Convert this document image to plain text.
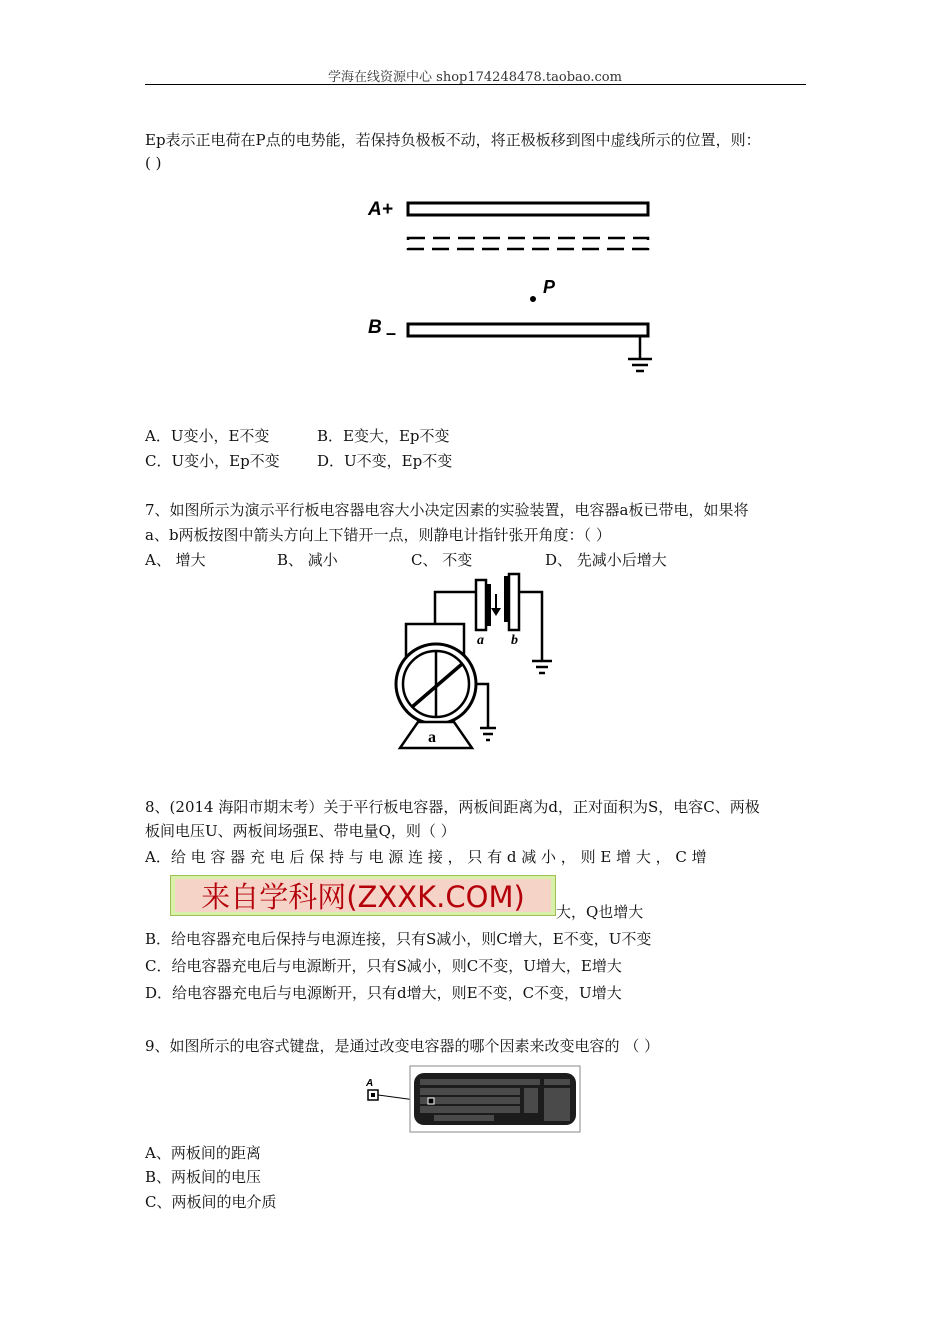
学海在线资源中心 shop174248478.taobao.com
Ep表示正电荷在P点的电势能，若保持负极板不动，将正极板移到图中虚线所示的位置，则：
( )
A+
P
B –
A．U变小，E不变	B．E变大，Ep不变
C．U变小，Ep不变 D．U不变，Ep不变
7、如图所示为演示平行板电容器电容大小决定因素的实验装置，电容器a板已带电，如果将
a、b两板按图中箭头方向上下错开一点，则静电计指针张开角度：（ ）
A、 增大	B、 减小	C、 不变	D、 先减小后增大
a b
a
8、(2014 海阳市期末考）关于平行板电容器，两板间距离为d，正对面积为S，电容C、两极
板间电压U、两板间场强E、带电量Q，则（ ）
A．给 电 容 器 充 电 后 保 持 与 电 源 连 接 ， 只 有 d 减 小 ， 则 E 增 大 ， C 增
来自学科网(ZXXK.COM)	大，Q也增大
B．给电容器充电后保持与电源连接，只有S减小，则C增大，E不变，U不变
C．给电容器充电后与电源断开，只有S减小，则C不变，U增大，E增大
D．给电容器充电后与电源断开，只有d增大，则E不变，C不变，U增大
9、如图所示的电容式键盘，是通过改变电容器的哪个因素来改变电容的 （ ）
A
A、两板间的距离
B、两板间的电压
C、两板间的电介质
